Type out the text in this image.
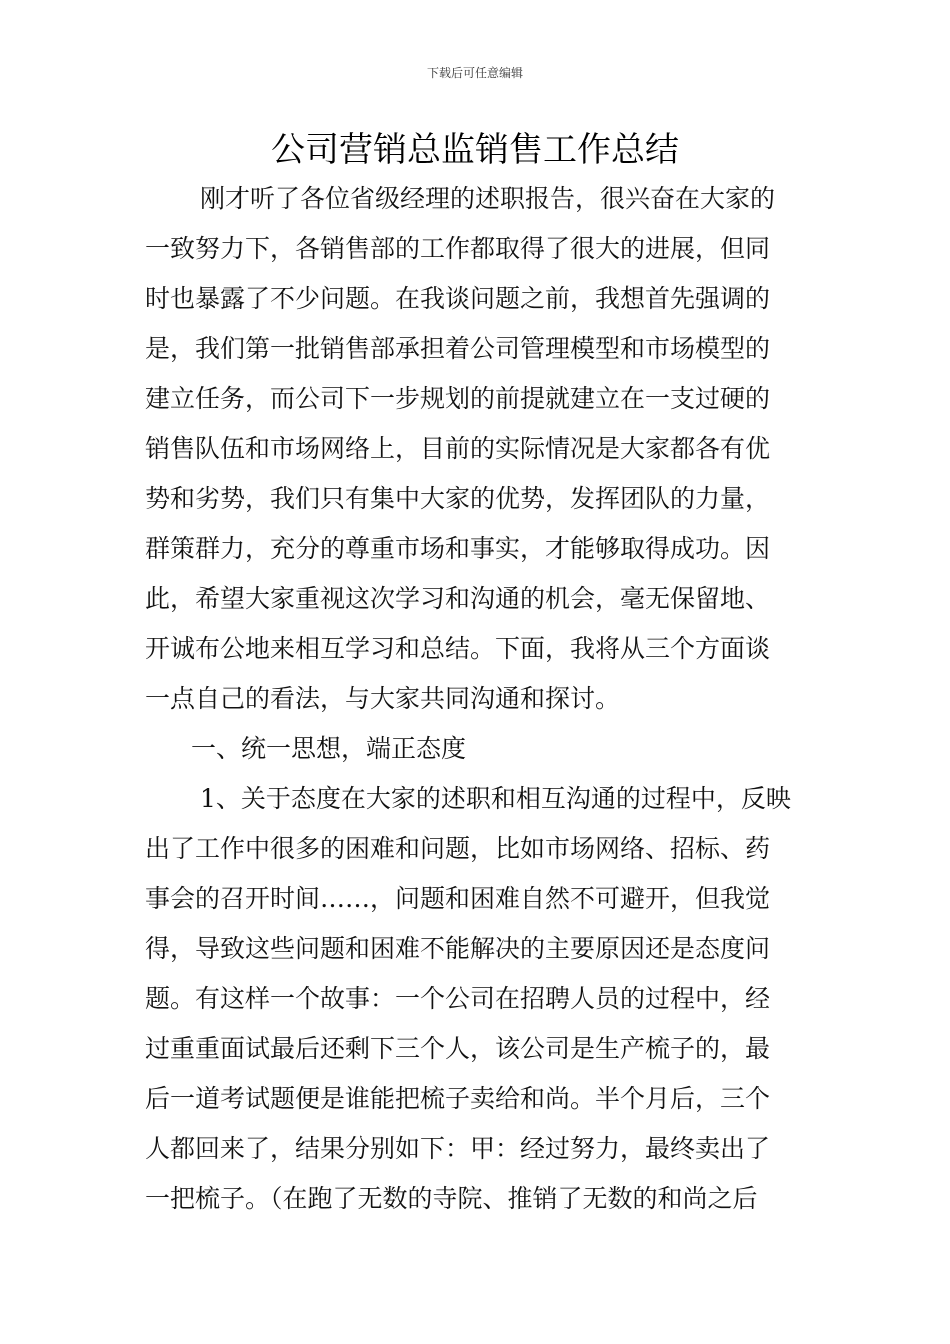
下载后可任意编辑
公司营销总监销售工作总结
刚才听了各位省级经理的述职报告，很兴奋在大家的
一致努力下，各销售部的工作都取得了很大的进展，但同
时也暴露了不少问题。在我谈问题之前，我想首先强调的
是，我们第一批销售部承担着公司管理模型和市场模型的
建立任务，而公司下一步规划的前提就建立在一支过硬的
销售队伍和市场网络上，目前的实际情况是大家都各有优
势和劣势，我们只有集中大家的优势，发挥团队的力量，
群策群力，充分的尊重市场和事实，才能够取得成功。因
此，希望大家重视这次学习和沟通的机会，毫无保留地、
开诚布公地来相互学习和总结。下面，我将从三个方面谈
一点自己的看法，与大家共同沟通和探讨。
一、统一思想，端正态度
1、关于态度在大家的述职和相互沟通的过程中，反映
出了工作中很多的困难和问题，比如市场网络、招标、药
事会的召开时间……，问题和困难自然不可避开，但我觉
得，导致这些问题和困难不能解决的主要原因还是态度问
题。有这样一个故事：一个公司在招聘人员的过程中，经
过重重面试最后还剩下三个人，该公司是生产梳子的，最
后一道考试题便是谁能把梳子卖给和尚。半个月后，三个
人都回来了，结果分别如下：甲：经过努力，最终卖出了
一把梳子。（在跑了无数的寺院、推销了无数的和尚之后
